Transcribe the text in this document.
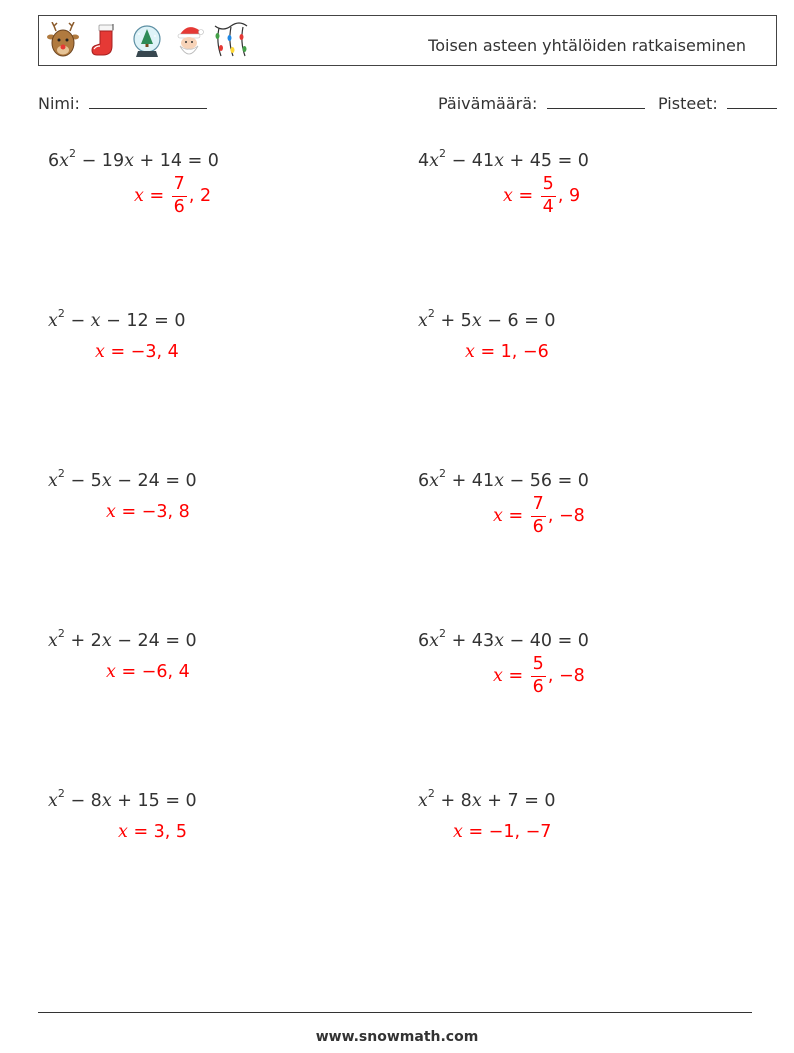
Toisen asteen yhtälöiden ratkaiseminen
Nimi:	Päivämäärä:	Pisteet:
$6x^2 - 19x + 14 = 0$
$x = \frac{7}{6}$ , 2
$4x^2 - 41x + 45 = 0$
$x = \frac{5}{4}$ , 9
$x^2 - x - 12 = 0$
x = −3, 4
$x^2 + 5x - 6 = 0$
x = 1, −6
$x^2 - 5x - 24 = 0$
x = −3, 8
$6x^2 + 41x - 56 = 0$
$x = \frac{7}{6}$ , −8
$x^2 + 2x - 24 = 0$
x = −6, 4
$6x^2 + 43x - 40 = 0$
$x = \frac{5}{6}$ , −8
$x^2 - 8x + 15 = 0$
x = 3, 5
$x^2 + 8x + 7 = 0$
x = −1, −7
www.snowmath.com
